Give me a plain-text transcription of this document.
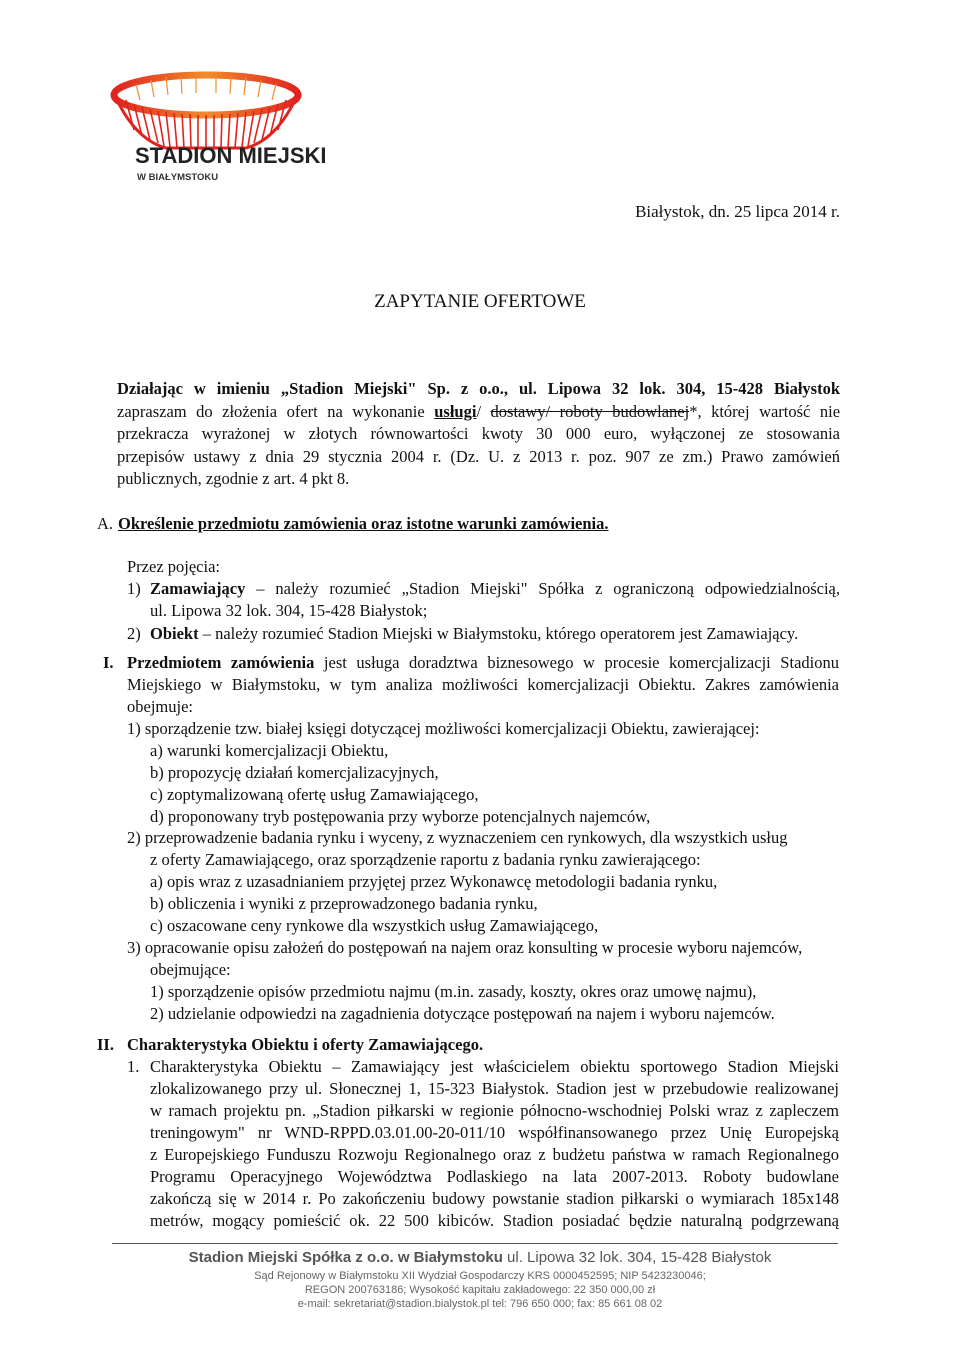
STADION MIEJSKI
W BIAŁYMSTOKU
Białystok, dn. 25 lipca 2014 r.
ZAPYTANIE OFERTOWE
Działając w imieniu „Stadion Miejski" Sp. z o.o., ul. Lipowa 32 lok. 304, 15-428 Białystok
zapraszam do złożenia ofert na wykonanie usługi/ dostawy/ roboty budowlanej*, której wartość nie
przekracza wyrażonej w złotych równowartości kwoty 30 000 euro, wyłączonej ze stosowania
przepisów ustawy z dnia 29 stycznia 2004 r. (Dz. U. z 2013 r. poz. 907 ze zm.) Prawo zamówień
publicznych, zgodnie z art. 4 pkt 8.
A. Określenie przedmiotu zamówienia oraz istotne warunki zamówienia.
Przez pojęcia:
1) Zamawiający – należy rozumieć „Stadion Miejski" Spółka z ograniczoną odpowiedzialnością,
ul. Lipowa 32 lok. 304, 15-428 Białystok;
2) Obiekt – należy rozumieć Stadion Miejski w Białymstoku, którego operatorem jest Zamawiający.
I. Przedmiotem zamówienia jest usługa doradztwa biznesowego w procesie komercjalizacji Stadionu
Miejskiego w Białymstoku, w tym analiza możliwości komercjalizacji Obiektu. Zakres zamówienia
obejmuje:
1) sporządzenie tzw. białej księgi dotyczącej możliwości komercjalizacji Obiektu, zawierającej:
a) warunki komercjalizacji Obiektu,
b) propozycję działań komercjalizacyjnych,
c) zoptymalizowaną ofertę usług Zamawiającego,
d) proponowany tryb postępowania przy wyborze potencjalnych najemców,
2) przeprowadzenie badania rynku i wyceny, z wyznaczeniem cen rynkowych, dla wszystkich usług
z oferty Zamawiającego, oraz sporządzenie raportu z badania rynku zawierającego:
a) opis wraz z uzasadnianiem przyjętej przez Wykonawcę metodologii badania rynku,
b) obliczenia i wyniki z przeprowadzonego badania rynku,
c) oszacowane ceny rynkowe dla wszystkich usług Zamawiającego,
3) opracowanie opisu założeń do postępowań na najem oraz konsulting w procesie wyboru najemców,
obejmujące:
1) sporządzenie opisów przedmiotu najmu (m.in. zasady, koszty, okres oraz umowę najmu),
2) udzielanie odpowiedzi na zagadnienia dotyczące postępowań na najem i wyboru najemców.
II. Charakterystyka Obiektu i oferty Zamawiającego.
1. Charakterystyka Obiektu – Zamawiający jest właścicielem obiektu sportowego Stadion Miejski
zlokalizowanego przy ul. Słonecznej 1, 15-323 Białystok. Stadion jest w przebudowie realizowanej
w ramach projektu pn. „Stadion piłkarski w regionie północno-wschodniej Polski wraz z zapleczem
treningowym" nr WND-RPPD.03.01.00-20-011/10 współfinansowanego przez Unię Europejską
z Europejskiego Funduszu Rozwoju Regionalnego oraz z budżetu państwa w ramach Regionalnego
Programu Operacyjnego Województwa Podlaskiego na lata 2007-2013. Roboty budowlane
zakończą się w 2014 r. Po zakończeniu budowy powstanie stadion piłkarski o wymiarach 185x148
metrów, mogący pomieścić ok. 22 500 kibiców. Stadion posiadać będzie naturalną podgrzewaną
Stadion Miejski Spółka z o.o. w Białymstoku ul. Lipowa 32 lok. 304, 15-428 Białystok
Sąd Rejonowy w Białymstoku XII Wydział Gospodarczy KRS 0000452595; NIP 5423230046;
REGON 200763186; Wysokość kapitału zakładowego: 22 350 000,00 zł
e-mail: sekretariat@stadion.bialystok.pl tel: 796 650 000; fax: 85 661 08 02
